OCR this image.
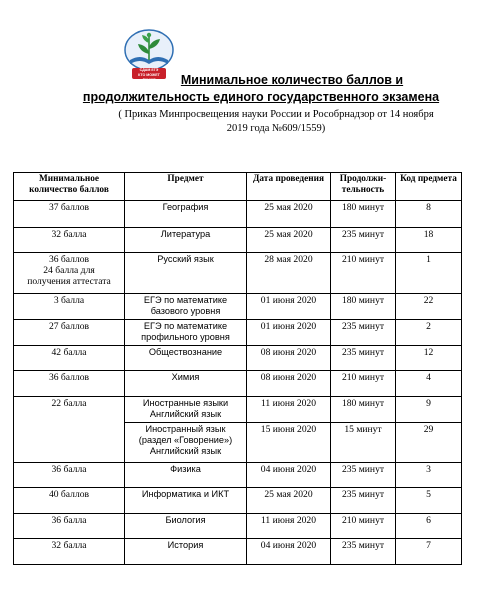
СДАМ ЕГЭ
КТО МОЖЕТ ЛУЧШЕ	Минимальное количество баллов и
продолжительность единого государственного экзамена
( Приказ Минпросвещения науки России и Рособрнадзор от 14 ноября
2019 года №609/1559)
Минимальное количество баллов	Предмет	Дата проведения	Продолжи-тельность	Код предмета
37 баллов	География	25 мая 2020	180 минут	8
32 балла	Литература	25 мая 2020	235 минут	18

36 баллов
24 балла для
получения аттестата	Русский язык	28 мая 2020	210 минут	1
3 балла	ЕГЭ по математике
базового уровня	01 июня 2020	180 минут	22
27 баллов	ЕГЭ по математике
профильного уровня	01 июня 2020	235 минут	2
42 балла	Обществознание	08 июня 2020	235 минут	12
36 баллов	Химия	08 июня 2020	210 минут	4
22 балла	Иностранные языки
Английский язык	11 июня 2020	180 минут	9

	Иностранный язык
(раздел «Говорение»)
Английский язык	15 июня 2020	15 минут	29
36 балла	Физика	04 июня 2020	235 минут	3
40 баллов	Информатика и ИКТ	25 мая 2020	235 минут	5
36 балла	Биология	11 июня 2020	210 минут	6
32 балла	История	04 июня 2020	235 минут	7
